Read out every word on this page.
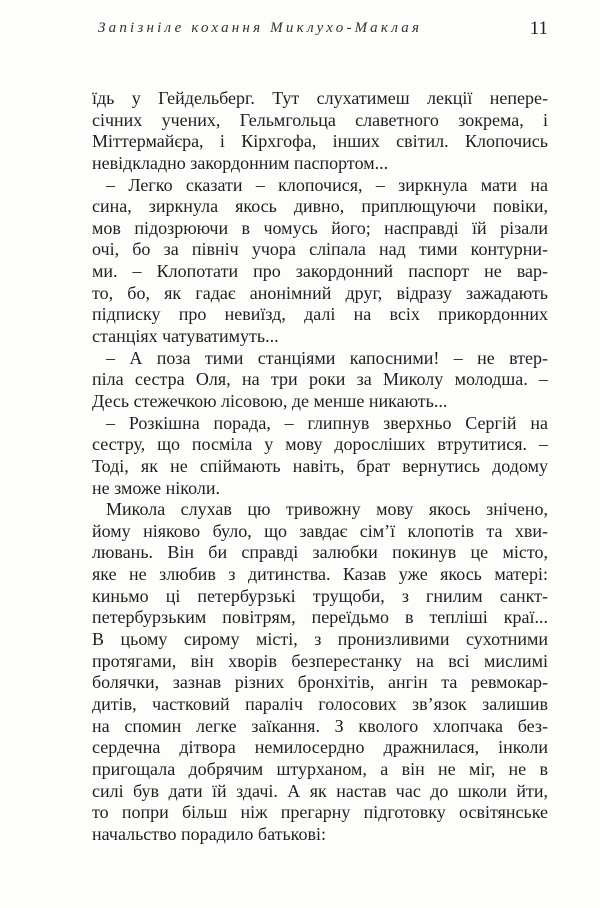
Запізніле кохання Миклухо-Маклая	11
їдь у Гейдельберг. Тут слухатимеш лекції непере-
січних учених, Гельмгольца славетного зокрема, і
Міттермайєра, і Кірхгофа, інших світил. Клопочись
невідкладно закордонним паспортом...
– Легко сказати – клопочися, – зиркнула мати на
сина, зиркнула якось дивно, приплющуючи повіки,
мов підозрюючи в чомусь його; насправді їй різали
очі, бо за північ учора сліпала над тими контурни-
ми. – Клопотати про закордонний паспорт не вар-
то, бо, як гадає анонімний друг, відразу зажадають
підписку про невиїзд, далі на всіх прикордонних
станціях чатуватимуть...
– А поза тими станціями капосними! – не втер-
піла сестра Оля, на три роки за Миколу молодша. –
Десь стежечкою лісовою, де менше никають...
– Розкішна порада, – глипнув зверхньо Сергій на
сестру, що посміла у мову дорослiших втрутитися. –
Тоді, як не спіймають навіть, брат вернутись додому
не зможе ніколи.
Микола слухав цю тривожну мову якось знічено,
йому ніяково було, що завдає сім’ї клопотів та хви-
лювань. Він би справді залюбки покинув це місто,
яке не злюбив з дитинства. Казав уже якось матері:
киньмо ці петербурзькі трущоби, з гнилим санкт-
петербурзьким повітрям, переїдьмо в тепліші краї...
В цьому сирому місті, з пронизливими сухотними
протягами, він хворів безперестанку на всі мислимі
болячки, зазнав різних бронхітів, ангін та ревмокар-
дитів, частковий параліч голосових зв’язок залишив
на спомин легке заїкання. З кволого хлопчака без-
сердечна дітвора немилосердно дражнилася, інколи
пригощала добрячим штурханом, а він не міг, не в
силі був дати їй здачі. А як настав час до школи йти,
то попри більш ніж прегарну підготовку освітянське
начальство порадило батькові:
